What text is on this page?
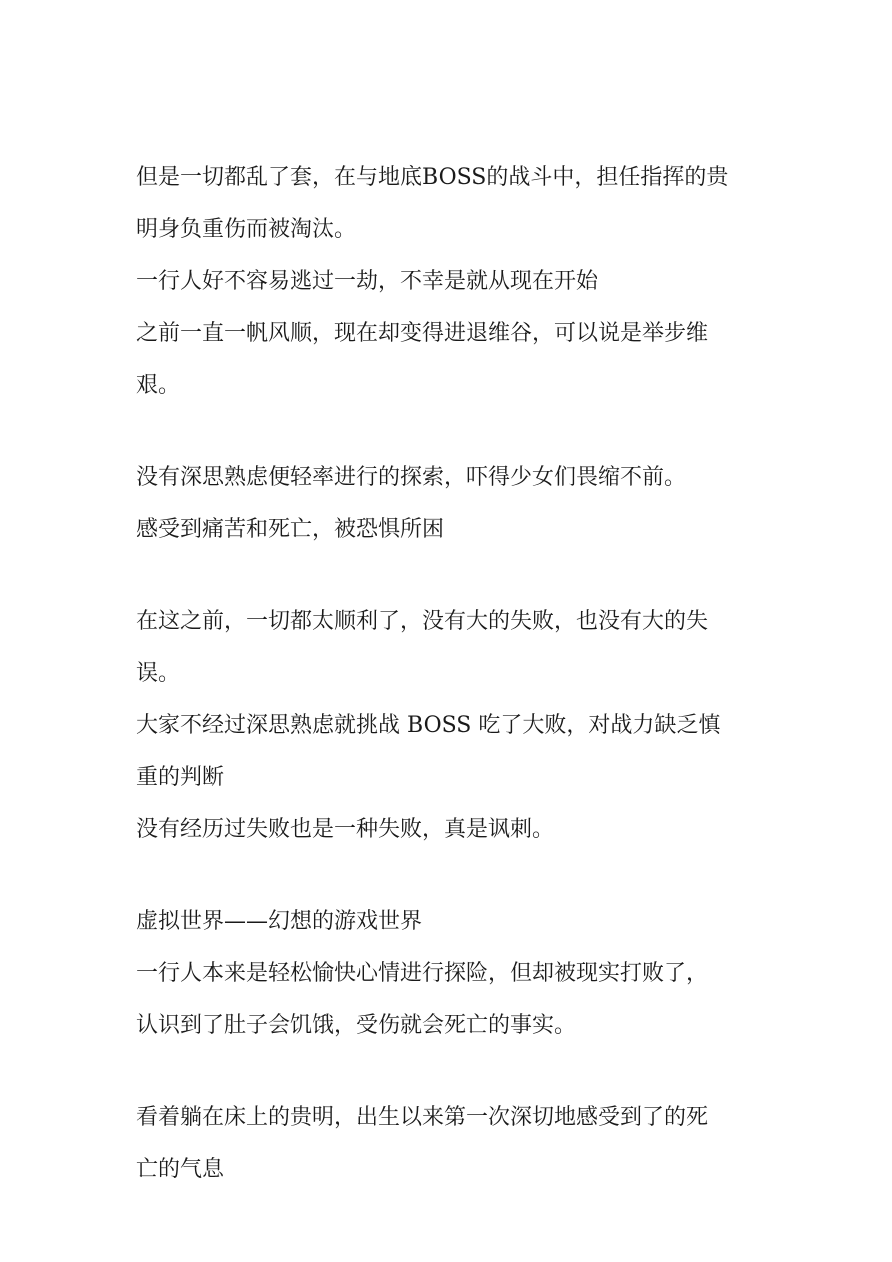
但是一切都乱了套，在与地底BOSS的战斗中，担任指挥的贵
明身负重伤而被淘汰。
一行人好不容易逃过一劫，不幸是就从现在开始
之前一直一帆风顺，现在却变得进退维谷，可以说是举步维
艰。
没有深思熟虑便轻率进行的探索，吓得少女们畏缩不前。
感受到痛苦和死亡，被恐惧所困
在这之前，一切都太顺利了，没有大的失败，也没有大的失
误。
大家不经过深思熟虑就挑战 BOSS 吃了大败，对战力缺乏慎
重的判断
没有经历过失败也是一种失败，真是讽刺。
虚拟世界——幻想的游戏世界
一行人本来是轻松愉快心情进行探险，但却被现实打败了，
认识到了肚子会饥饿，受伤就会死亡的事实。
看着躺在床上的贵明，出生以来第一次深切地感受到了的死
亡的气息
